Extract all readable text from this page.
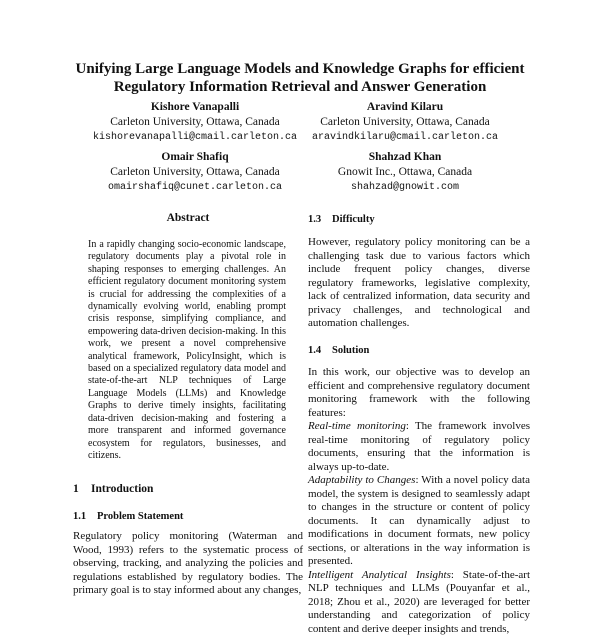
Unifying Large Language Models and Knowledge Graphs for efficient
Regulatory Information Retrieval and Answer Generation
Kishore Vanapalli
Carleton University, Ottawa, Canada
kishorevanapalli@cmail.carleton.ca
Aravind Kilaru
Carleton University, Ottawa, Canada
aravindkilaru@cmail.carleton.ca
Omair Shafiq
Carleton University, Ottawa, Canada
omairshafiq@cunet.carleton.ca
Shahzad Khan
Gnowit Inc., Ottawa, Canada
shahzad@gnowit.com
Abstract
In a rapidly changing socio-economic landscape, regulatory documents play a pivotal role in shaping responses to emerging challenges. An efficient regulatory document monitoring system is crucial for addressing the complexities of a dynamically evolving world, enabling prompt crisis response, simplifying compliance, and empowering data-driven decision-making. In this work, we present a novel comprehensive analytical framework, PolicyInsight, which is based on a specialized regulatory data model and state-of-the-art NLP techniques of Large Language Models (LLMs) and Knowledge Graphs to derive timely insights, facilitating data-driven decision-making and fostering a more transparent and informed governance ecosystem for regulators, businesses, and citizens.
1 Introduction
1.1 Problem Statement
Regulatory policy monitoring (Waterman and Wood, 1993) refers to the systematic process of observing, tracking, and analyzing the policies and regulations established by regulatory bodies. The primary goal is to stay informed about any changes,
1.3 Difficulty
However, regulatory policy monitoring can be a challenging task due to various factors which include frequent policy changes, diverse regulatory frameworks, legislative complexity, lack of centralized information, data security and privacy challenges, and technological and automation challenges.
1.4 Solution
In this work, our objective was to develop an efficient and comprehensive regulatory document monitoring framework with the following features:
Real-time monitoring: The framework involves real-time monitoring of regulatory policy documents, ensuring that the information is always up-to-date.
Adaptability to Changes: With a novel policy data model, the system is designed to seamlessly adapt to changes in the structure or content of policy documents. It can dynamically adjust to modifications in document formats, new policy sections, or alterations in the way information is presented.
Intelligent Analytical Insights: State-of-the-art NLP techniques and LLMs (Pouyanfar et al., 2018; Zhou et al., 2020) are leveraged for better understanding and categorization of policy content and derive deeper insights and trends,
